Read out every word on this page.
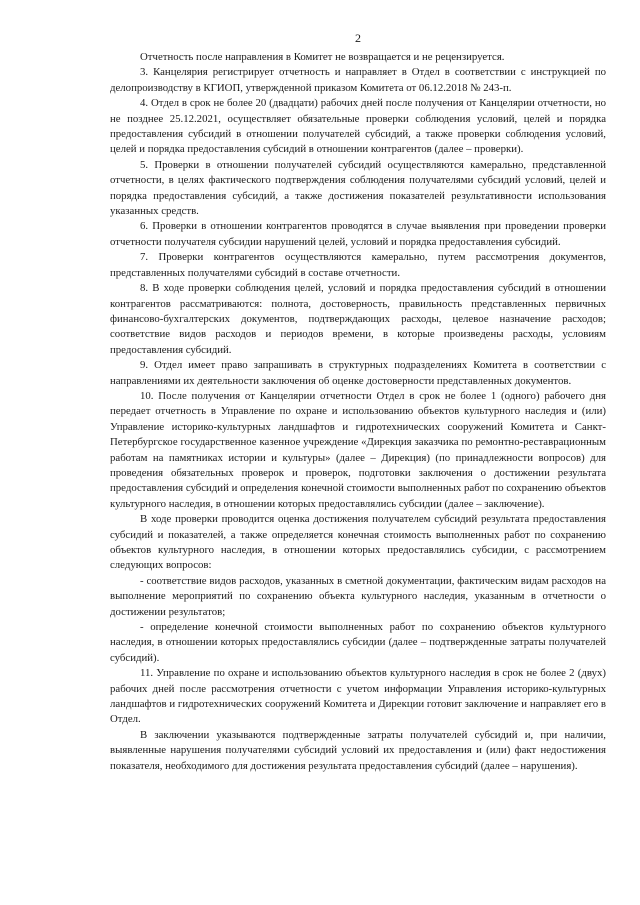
2

Отчетность после направления в Комитет не возвращается и не рецензируется.

3. Канцелярия регистрирует отчетность и направляет в Отдел в соответствии с инструкцией по делопроизводству в КГИОП, утвержденной приказом Комитета от 06.12.2018 № 243-п.

4. Отдел в срок не более 20 (двадцати) рабочих дней после получения от Канцелярии отчетности, но не позднее 25.12.2021, осуществляет обязательные проверки соблюдения условий, целей и порядка предоставления субсидий в отношении получателей субсидий, а также проверки соблюдения условий, целей и порядка предоставления субсидий в отношении контрагентов (далее – проверки).

5. Проверки в отношении получателей субсидий осуществляются камерально, представленной отчетности, в целях фактического подтверждения соблюдения получателями субсидий условий, целей и порядка предоставления субсидий, а также достижения показателей результативности использования указанных средств.

6. Проверки в отношении контрагентов проводятся в случае выявления при проведении проверки отчетности получателя субсидии нарушений целей, условий и порядка предоставления субсидий.

7. Проверки контрагентов осуществляются камерально, путем рассмотрения документов, представленных получателями субсидий в составе отчетности.

8. В ходе проверки соблюдения целей, условий и порядка предоставления субсидий в отношении контрагентов рассматриваются: полнота, достоверность, правильность представленных первичных финансово-бухгалтерских документов, подтверждающих расходы, целевое назначение расходов; соответствие видов расходов и периодов времени, в которые произведены расходы, условиям предоставления субсидий.

9. Отдел имеет право запрашивать в структурных подразделениях Комитета в соответствии с направлениями их деятельности заключения об оценке достоверности представленных документов.

10. После получения от Канцелярии отчетности Отдел в срок не более 1 (одного) рабочего дня передает отчетность в Управление по охране и использованию объектов культурного наследия и (или) Управление историко-культурных ландшафтов и гидротехнических сооружений Комитета и Санкт-Петербургское государственное казенное учреждение «Дирекция заказчика по ремонтно-реставрационным работам на памятниках истории и культуры» (далее – Дирекция) (по принадлежности вопросов) для проведения обязательных проверок и проверок, подготовки заключения о достижении результата предоставления субсидий и определения конечной стоимости выполненных работ по сохранению объектов культурного наследия, в отношении которых предоставлялись субсидии (далее – заключение).

В ходе проверки проводится оценка достижения получателем субсидий результата предоставления субсидий и показателей, а также определяется конечная стоимость выполненных работ по сохранению объектов культурного наследия, в отношении которых предоставлялись субсидии, с рассмотрением следующих вопросов:

- соответствие видов расходов, указанных в сметной документации, фактическим видам расходов на выполнение мероприятий по сохранению объекта культурного наследия, указанным в отчетности о достижении результатов;

- определение конечной стоимости выполненных работ по сохранению объектов культурного наследия, в отношении которых предоставлялись субсидии (далее – подтвержденные затраты получателей субсидий).

11. Управление по охране и использованию объектов культурного наследия в срок не более 2 (двух) рабочих дней после рассмотрения отчетности с учетом информации Управления историко-культурных ландшафтов и гидротехнических сооружений Комитета и Дирекции готовит заключение и направляет его в Отдел.

В заключении указываются подтвержденные затраты получателей субсидий и, при наличии, выявленные нарушения получателями субсидий условий их предоставления и (или) факт недостижения показателя, необходимого для достижения результата предоставления субсидий (далее – нарушения).
